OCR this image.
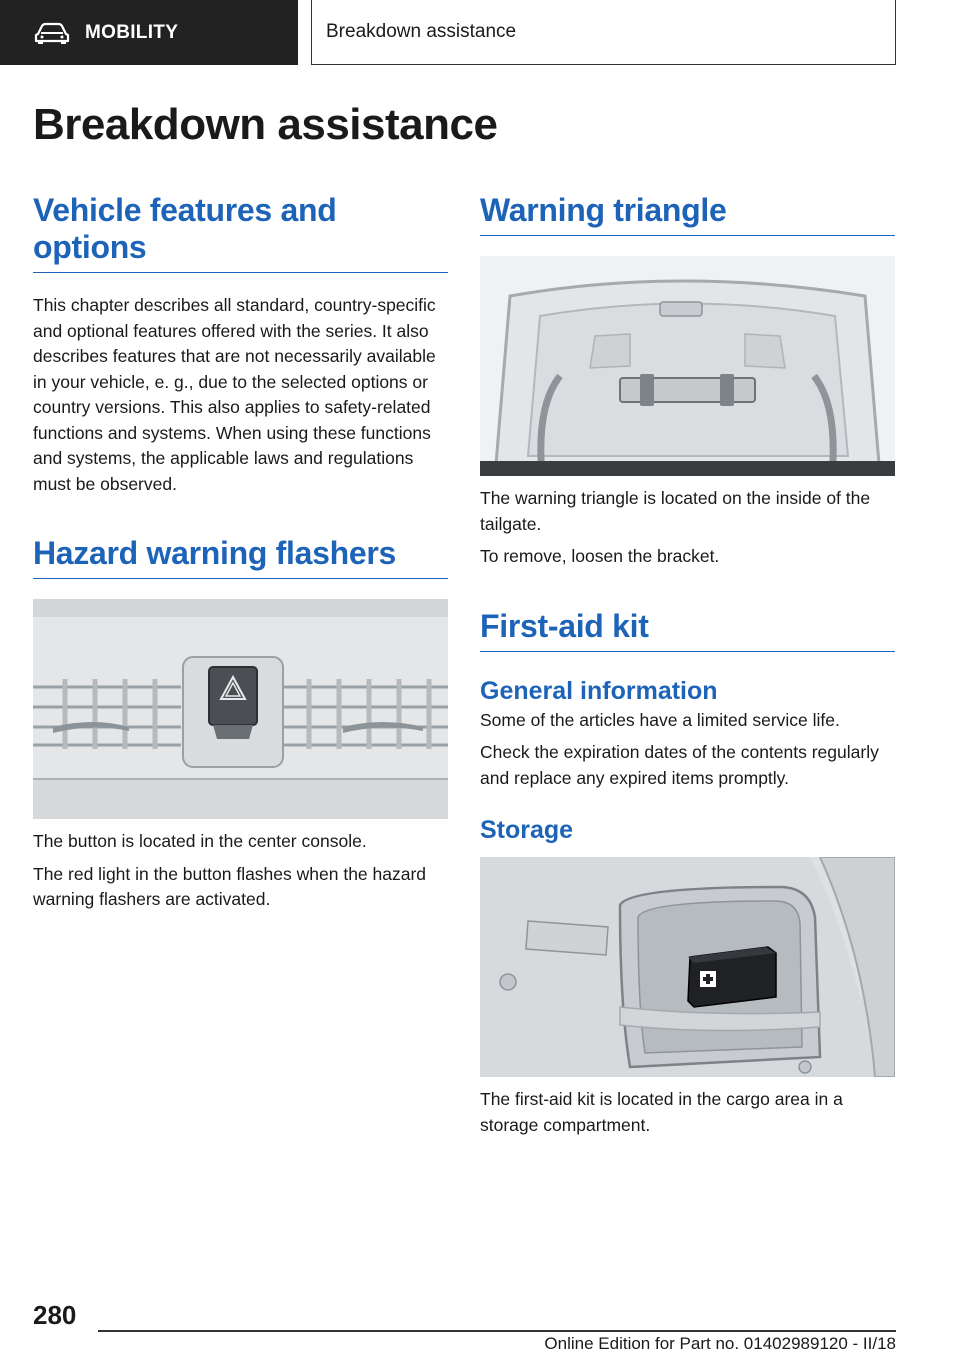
MOBILITY	Breakdown assistance
Breakdown assistance
Vehicle features and options
This chapter describes all standard, country-specific and optional features offered with the series. It also describes features that are not necessarily available in your vehicle, e. g., due to the selected options or country versions. This also applies to safety-related functions and systems. When using these functions and systems, the applicable laws and regulations must be observed.
Hazard warning flashers
The button is located in the center console.
The red light in the button flashes when the hazard warning flashers are activated.
Warning triangle
The warning triangle is located on the inside of the tailgate.
To remove, loosen the bracket.
First-aid kit
General information
Some of the articles have a limited service life.
Check the expiration dates of the contents regularly and replace any expired items promptly.
Storage
The first-aid kit is located in the cargo area in a storage compartment.
280
Online Edition for Part no. 01402989120 - II/18
